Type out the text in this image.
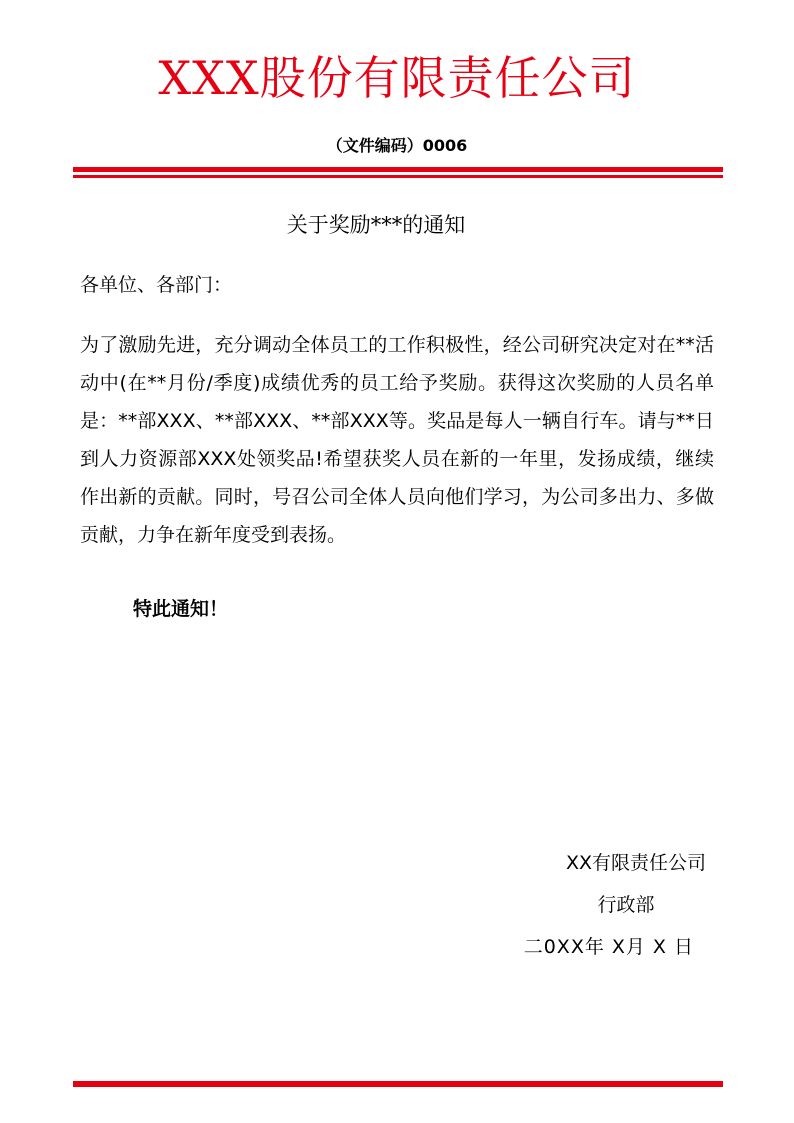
XXX股份有限责任公司
（文件编码）0006
关于奖励***的通知
各单位、各部门：
为了激励先进，充分调动全体员工的工作积极性，经公司研究决定对在**活动中(在**月份/季度)成绩优秀的员工给予奖励。获得这次奖励的人员名单是：**部XXX、**部XXX、**部XXX等。奖品是每人一辆自行车。请与**日到人力资源部XXX处领奖品!希望获奖人员在新的一年里，发扬成绩，继续作出新的贡献。同时，号召公司全体人员向他们学习，为公司多出力、多做贡献，力争在新年度受到表扬。
特此通知！
XX有限责任公司
行政部
二0XX年 X月 X 日
